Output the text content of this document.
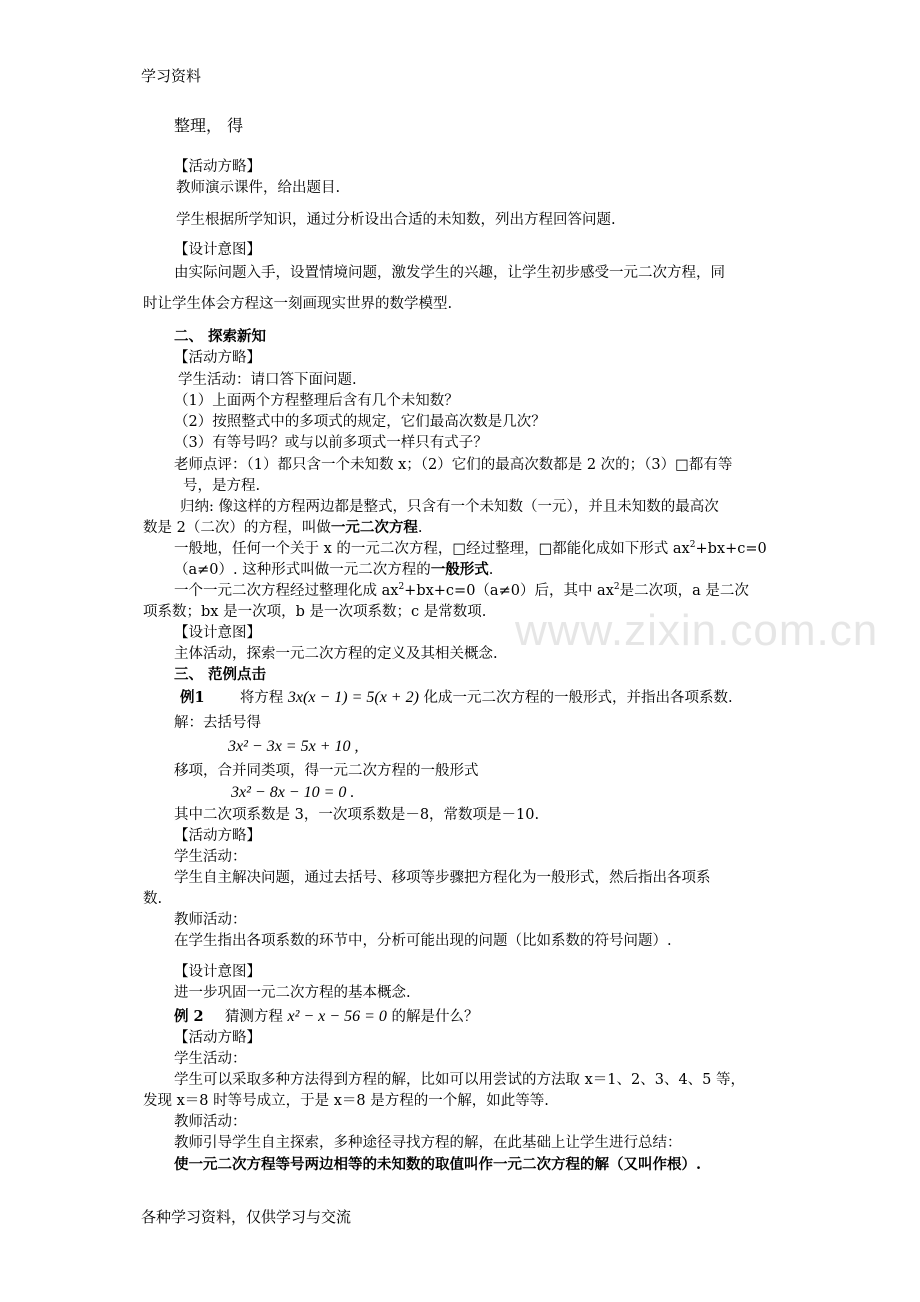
www.zixin.com.cn
学习资料
整理， 得
【活动方略】
教师演示课件，给出题目.
学生根据所学知识，通过分析设出合适的未知数，列出方程回答问题.
【设计意图】
由实际问题入手，设置情境问题，激发学生的兴趣，让学生初步感受一元二次方程，同
时让学生体会方程这一刻画现实世界的数学模型.
二、 探索新知
【活动方略】
学生活动：请口答下面问题.
（1）上面两个方程整理后含有几个未知数？
（2）按照整式中的多项式的规定，它们最高次数是几次？
（3）有等号吗？或与以前多项式一样只有式子？
老师点评：（1）都只含一个未知数 x；（2）它们的最高次数都是 2 次的；（3）□都有等
号，是方程.
归纳: 像这样的方程两边都是整式，只含有一个未知数（一元），并且未知数的最高次
数是 2（二次）的方程，叫做一元二次方程.
一般地，任何一个关于 x 的一元二次方程，□经过整理，□都能化成如下形式 $ax^2+bx+c=0$
（a≠0）. 这种形式叫做一元二次方程的一般形式.
一个一元二次方程经过整理化成 $ax^2+bx+c=0(a\ne 0)$后，其中 $ax^2$是二次项，a 是二次
项系数；bx 是一次项，b 是一次项系数；c 是常数项.
【设计意图】
主体活动，探索一元二次方程的定义及其相关概念.
三、 范例点击
例1 将方程 3x(x − 1) = 5(x + 2) 化成一元二次方程的一般形式，并指出各项系数.
解：去括号得
3x² − 3x = 5x + 10 ,
移项，合并同类项，得一元二次方程的一般形式
3x² − 8x − 10 = 0 .
其中二次项系数是 3，一次项系数是－8，常数项是－10.
【活动方略】
学生活动：
学生自主解决问题，通过去括号、移项等步骤把方程化为一般形式，然后指出各项系
数.
教师活动：
在学生指出各项系数的环节中，分析可能出现的问题（比如系数的符号问题）.
【设计意图】
进一步巩固一元二次方程的基本概念.
例 2 猜测方程 x² − x − 56 = 0 的解是什么？
【活动方略】
学生活动：
学生可以采取多种方法得到方程的解，比如可以用尝试的方法取 x＝1、2、3、4、5 等，
发现 x＝8 时等号成立，于是 x＝8 是方程的一个解，如此等等.
教师活动：
教师引导学生自主探索，多种途径寻找方程的解，在此基础上让学生进行总结：
使一元二次方程等号两边相等的未知数的取值叫作一元二次方程的解（又叫作根）.
各种学习资料，仅供学习与交流
